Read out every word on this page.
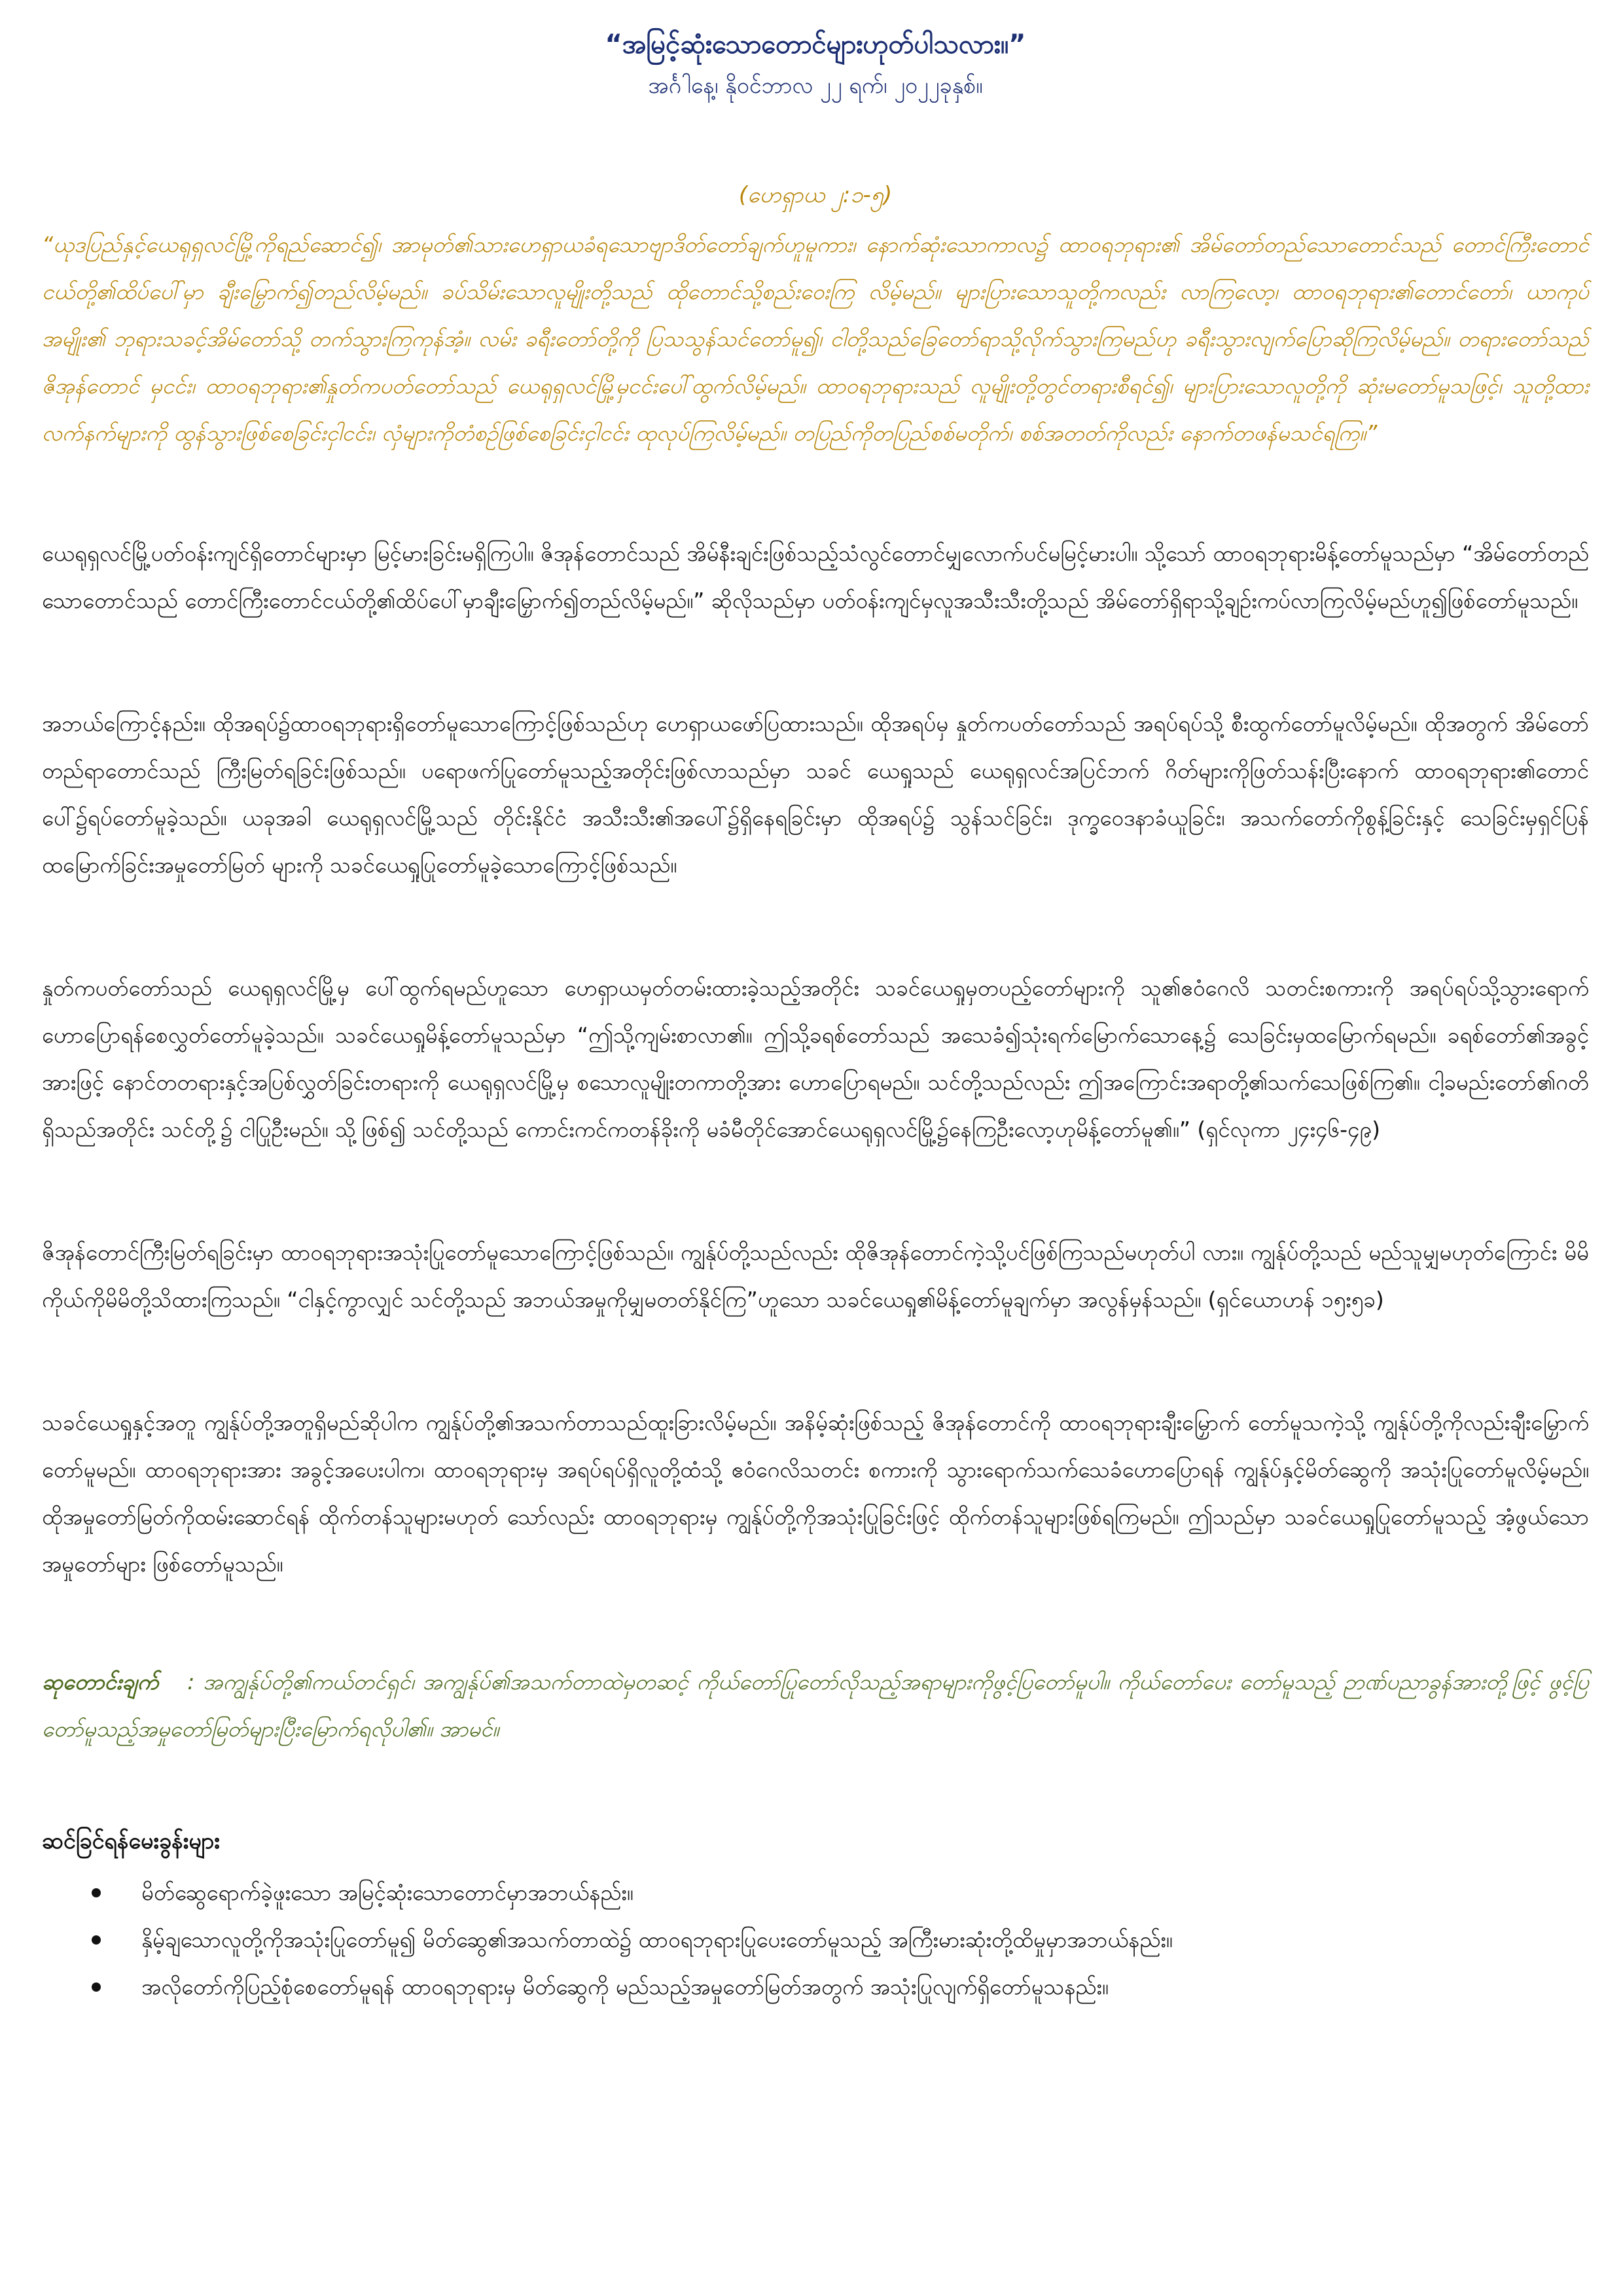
“အမြင့်ဆုံးသောတောင်များဟုတ်ပါသလား။”

အင်္ဂါနေ့၊ နိုဝင်ဘာလ ၂၂ ရက်၊ ၂၀၂၂ခုနှစ်။

(ဟေရှာယ ၂:၁-၅)

“ယုဒပြည်နှင့်ယေရုရှလင်မြို့ကိုရည်ဆောင်၍၊ အာမုတ်၏သားဟေရှာယခံရသောဗျာဒိတ်တော်ချက်ဟူမူကား၊ နောက်ဆုံးသောကာလ၌ ထာဝရဘုရား၏ အိမ်တော်တည်သောတောင်သည် တောင်ကြီးတောင်ငယ်တို့၏ထိပ်ပေါ်မှာ ချီးမြှောက်၍တည်လိမ့်မည်။ ခပ်သိမ်းသောလူမျိုးတို့သည် ထိုတောင်သို့စည်းဝေးကြ လိမ့်မည်။ များပြားသောသူတို့ကလည်း လာကြလော့၊ ထာဝရဘုရား၏တောင်တော်၊ ယာကုပ်အမျိုး၏ ဘုရားသခင့်အိမ်တော်သို့ တက်သွားကြကုန်အံ့။ လမ်း ခရီးတော်တို့ကို ပြသသွန်သင်တော်မူ၍၊ ငါတို့သည်ခြေတော်ရာသို့လိုက်သွားကြမည်ဟု ခရီးသွားလျက်ပြောဆိုကြလိမ့်မည်။ တရားတော်သည် ဇိအုန်တောင် မှငင်း၊ ထာဝရဘုရား၏နှုတ်ကပတ်တော်သည် ယေရုရှလင်မြို့မှငင်းပေါ်ထွက်လိမ့်မည်။ ထာဝရဘုရားသည် လူမျိုးတို့တွင်တရားစီရင်၍၊ များပြားသောလူတို့ကို ဆုံးမတော်မူသဖြင့်၊ သူတို့ထားလက်နက်များကို ထွန်သွားဖြစ်စေခြင်းငှါငင်း၊ လှံများကိုတံစဉ်ဖြစ်စေခြင်းငှါငင်း ထုလုပ်ကြလိမ့်မည်။ တပြည်ကိုတပြည်စစ်မတိုက်၊ စစ်အတတ်ကိုလည်း နောက်တဖန်မသင်ရကြ။”

ယေရုရှလင်မြို့ပတ်ဝန်းကျင်ရှိတောင်များမှာ မြင့်မားခြင်းမရှိကြပါ။ ဇိအုန်တောင်သည် အိမ်နီးချင်းဖြစ်သည့်သံလွင်တောင်မျှလောက်ပင်မမြင့်မားပါ။ သို့သော် ထာဝရဘုရားမိန့်တော်မူသည်မှာ “အိမ်တော်တည်သောတောင်သည် တောင်ကြီးတောင်ငယ်တို့၏ထိပ်ပေါ်မှာချီးမြှောက်၍တည်လိမ့်မည်။” ဆိုလိုသည်မှာ ပတ်ဝန်းကျင်မှလူအသီးသီးတို့သည် အိမ်တော်ရှိရာသို့ချဉ်းကပ်လာကြလိမ့်မည်ဟူ၍ဖြစ်တော်မူသည်။

အဘယ်ကြောင့်နည်း။ ထိုအရပ်၌ထာဝရဘုရားရှိတော်မူသောကြောင့်ဖြစ်သည်ဟု ဟေရှာယဖော်ပြထားသည်။ ထိုအရပ်မှ နှုတ်ကပတ်တော်သည် အရပ်ရပ်သို့ စီးထွက်တော်မူလိမ့်မည်။ ထိုအတွက် အိမ်တော်တည်ရာတောင်သည် ကြီးမြတ်ရခြင်းဖြစ်သည်။ ပရောဖက်ပြုတော်မူသည့်အတိုင်းဖြစ်လာသည်မှာ သခင် ယေရှုသည် ယေရုရှလင်အပြင်ဘက် ဂိတ်များကိုဖြတ်သန်းပြီးနောက် ထာဝရဘုရား၏တောင်ပေါ်၌ရပ်တော်မူခဲ့သည်။ ယခုအခါ ယေရုရှလင်မြို့သည် တိုင်းနိုင်ငံ အသီးသီး၏အပေါ်၌ရှိနေရခြင်းမှာ ထိုအရပ်၌ သွန်သင်ခြင်း၊ ဒုက္ခဝေဒနာခံယူခြင်း၊ အသက်တော်ကိုစွန့်ခြင်းနှင့် သေခြင်းမှရှင်ပြန်ထမြောက်ခြင်းအမှုတော်မြတ် များကို သခင်ယေရှုပြုတော်မူခဲ့သောကြောင့်ဖြစ်သည်။

နှုတ်ကပတ်တော်သည် ယေရုရှလင်မြို့မှ ပေါ်ထွက်ရမည်ဟူသော ဟေရှာယမှတ်တမ်းထားခဲ့သည့်အတိုင်း သခင်ယေရှုမှတပည့်တော်များကို သူ၏ဧဝံဂေလိ သတင်းစကားကို အရပ်ရပ်သို့သွားရောက်ဟောပြောရန်စေလွှတ်တော်မူခဲ့သည်။ သခင်ယေရှုမိန့်တော်မူသည်မှာ “ဤသို့ကျမ်းစာလာ၏။ ဤသို့ခရစ်တော်သည် အသေခံ၍သုံးရက်မြောက်သောနေ့၌ သေခြင်းမှထမြောက်ရမည်။ ခရစ်တော်၏အခွင့်အားဖြင့် နောင်တတရားနှင့်အပြစ်လွှတ်ခြင်းတရားကို ယေရုရှလင်မြို့မှ စသောလူမျိုးတကာတို့အား ဟောပြောရမည်။ သင်တို့သည်လည်း ဤအကြောင်းအရာတို့၏သက်သေဖြစ်ကြ၏။ ငါ့ခမည်းတော်၏ဂတိရှိသည်အတိုင်း သင်တို့၌ ငါပြုဦးမည်။ သို့ဖြစ်၍ သင်တို့သည် ကောင်းကင်ကတန်ခိုးကို မခံမီတိုင်အောင်ယေရုရှလင်မြို့၌နေကြဦးလော့ဟုမိန့်တော်မူ၏။” (ရှင်လုကာ ၂၄း၄၆-၄၉)

ဇိအုန်တောင်ကြီးမြတ်ရခြင်းမှာ ထာဝရဘုရားအသုံးပြုတော်မူသောကြောင့်ဖြစ်သည်။ ကျွန်ုပ်တို့သည်လည်း ထိုဇိအုန်တောင်ကဲ့သို့ပင်ဖြစ်ကြသည်မဟုတ်ပါ လား။ ကျွန်ုပ်တို့သည် မည်သူမျှမဟုတ်ကြောင်း မိမိကိုယ်ကိုမိမိတို့သိထားကြသည်။ “ငါနှင့်ကွာလျှင် သင်တို့သည် အဘယ်အမှုကိုမျှမတတ်နိုင်ကြ”ဟူသော သခင်ယေရှု၏မိန့်တော်မူချက်မှာ အလွန်မှန်သည်။ (ရှင်ယောဟန် ၁၅း၅ခ)

သခင်ယေရှုနှင့်အတူ ကျွန်ုပ်တို့အတူရှိမည်ဆိုပါက ကျွန်ုပ်တို့၏အသက်တာသည်ထူးခြားလိမ့်မည်။ အနိမ့်ဆုံးဖြစ်သည့် ဇိအုန်တောင်ကို ထာဝရဘုရားချီးမြှောက် တော်မူသကဲ့သို့ ကျွန်ုပ်တို့ကိုလည်းချီးမြှောက်တော်မူမည်။ ထာဝရဘုရားအား အခွင့်အပေးပါက၊ ထာဝရဘုရားမှ အရပ်ရပ်ရှိလူတို့ထံသို့ ဧဝံဂေလိသတင်း စကားကို သွားရောက်သက်သေခံဟောပြောရန် ကျွန်ုပ်နှင့်မိတ်ဆွေကို အသုံးပြုတော်မူလိမ့်မည်။ ထိုအမှုတော်မြတ်ကိုထမ်းဆောင်ရန် ထိုက်တန်သူများမဟုတ် သော်လည်း ထာဝရဘုရားမှ ကျွန်ုပ်တို့ကိုအသုံးပြုခြင်းဖြင့် ထိုက်တန်သူများဖြစ်ရကြမည်။ ဤသည်မှာ သခင်ယေရှုပြုတော်မူသည့် အံ့ဖွယ်သောအမှုတော်များ ဖြစ်တော်မူသည်။

ဆုတောင်းချက် : အကျွန်ုပ်တို့၏ကယ်တင်ရှင်၊ အကျွန်ုပ်၏အသက်တာထဲမှတဆင့် ကိုယ်တော်ပြုတော်လိုသည့်အရာများကိုဖွင့်ပြတော်မူပါ။ ကိုယ်တော်ပေး တော်မူသည့် ဉာဏ်ပညာခွန်အားတို့ဖြင့် ဖွင့်ပြတော်မူသည့်အမှုတော်မြတ်များပြီးမြောက်ရလိုပါ၏။ အာမင်။

ဆင်ခြင်ရန်မေးခွန်းများ
မိတ်ဆွေရောက်ခဲ့ဖူးသော အမြင့်ဆုံးသောတောင်မှာအဘယ်နည်း။
နှိမ့်ချသောလူတို့ကိုအသုံးပြုတော်မူ၍ မိတ်ဆွေ၏အသက်တာထဲ၌ ထာဝရဘုရားပြုပေးတော်မူသည့် အကြီးမားဆုံးတို့ထိမှုမှာအဘယ်နည်း။
အလိုတော်ကိုပြည့်စုံစေတော်မူရန် ထာဝရဘုရားမှ မိတ်ဆွေကို မည်သည့်အမှုတော်မြတ်အတွက် အသုံးပြုလျက်ရှိတော်မူသနည်း။
